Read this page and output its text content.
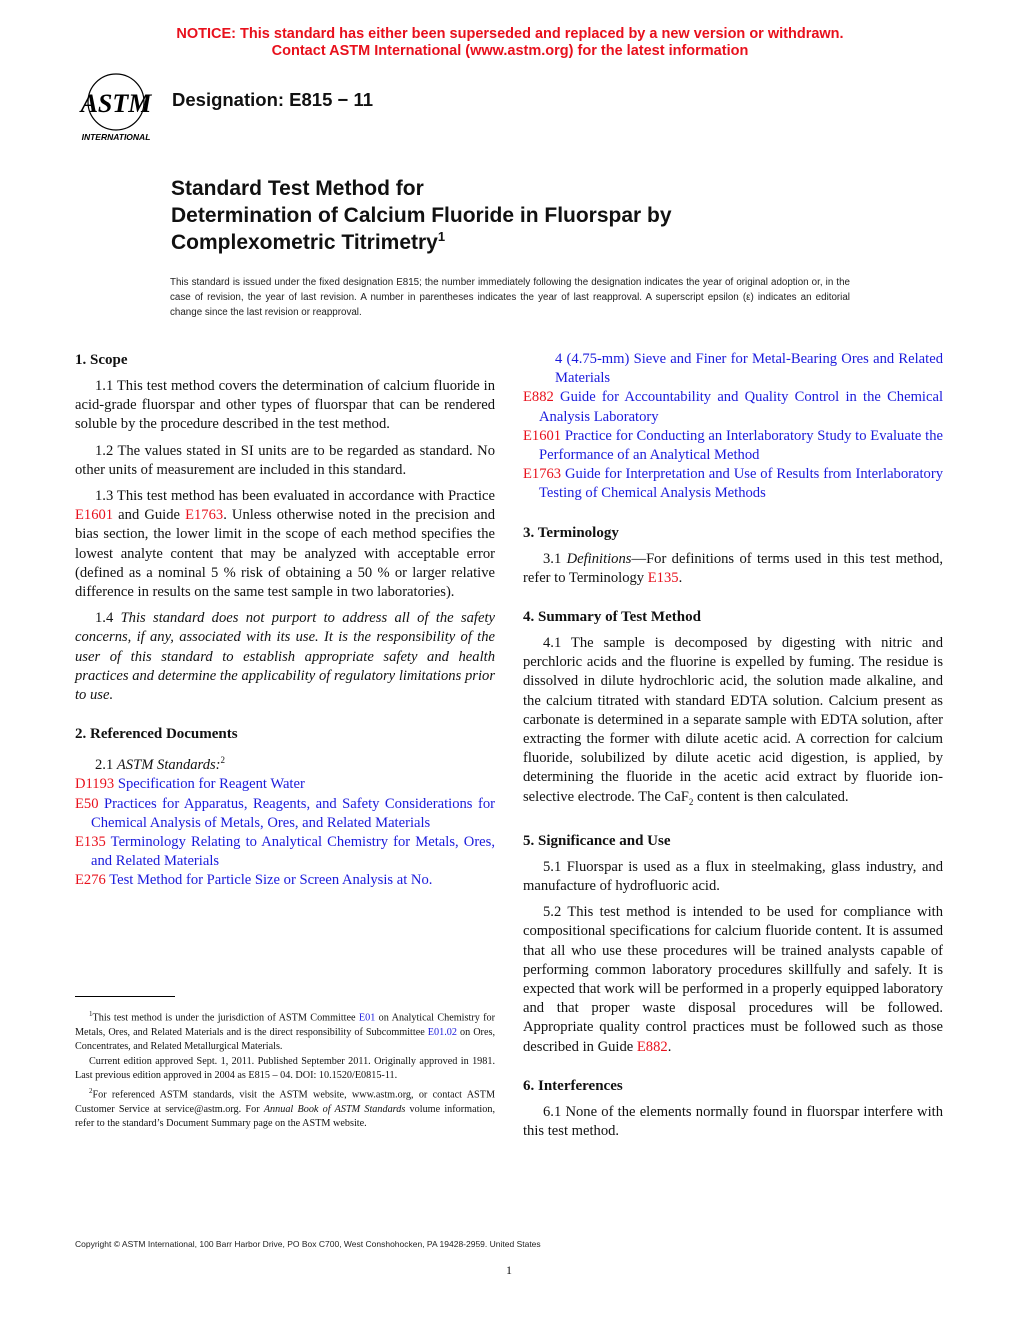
NOTICE: This standard has either been superseded and replaced by a new version or withdrawn.
Contact ASTM International (www.astm.org) for the latest information
ASTM
INTERNATIONAL
Designation: E815 − 11
Standard Test Method for
Determination of Calcium Fluoride in Fluorspar by
Complexometric Titrimetry$^1$
This standard is issued under the fixed designation E815; the number immediately following the designation indicates the year of original adoption or, in the case of revision, the year of last revision. A number in parentheses indicates the year of last reapproval. A superscript epsilon (ε) indicates an editorial change since the last revision or reapproval.
1. Scope

1.1 This test method covers the determination of calcium fluoride in acid-grade fluorspar and other types of fluorspar that can be rendered soluble by the procedure described in the test method.

1.2 The values stated in SI units are to be regarded as standard. No other units of measurement are included in this standard.

1.3 This test method has been evaluated in accordance with Practice E1601 and Guide E1763. Unless otherwise noted in the precision and bias section, the lower limit in the scope of each method specifies the lowest analyte content that may be analyzed with acceptable error (defined as a nominal 5 % risk of obtaining a 50 % or larger relative difference in results on the same test sample in two laboratories).

1.4 This standard does not purport to address all of the safety concerns, if any, associated with its use. It is the responsibility of the user of this standard to establish appropriate safety and health practices and determine the applicability of regulatory limitations prior to use.

2. Referenced Documents

2.1 ASTM Standards:$^2$

D1193 Specification for Reagent Water

E50 Practices for Apparatus, Reagents, and Safety Considerations for Chemical Analysis of Metals, Ores, and Related Materials

E135 Terminology Relating to Analytical Chemistry for Metals, Ores, and Related Materials

E276 Test Method for Particle Size or Screen Analysis at No.

$^1$This test method is under the jurisdiction of ASTM Committee E01 on Analytical Chemistry for Metals, Ores, and Related Materials and is the direct responsibility of Subcommittee E01.02 on Ores, Concentrates, and Related Metallurgical Materials.

Current edition approved Sept. 1, 2011. Published September 2011. Originally approved in 1981. Last previous edition approved in 2004 as E815 – 04. DOI: 10.1520/E0815-11.

$^2$For referenced ASTM standards, visit the ASTM website, www.astm.org, or contact ASTM Customer Service at service@astm.org. For Annual Book of ASTM Standards volume information, refer to the standard’s Document Summary page on the ASTM website.

4 (4.75-mm) Sieve and Finer for Metal-Bearing Ores and Related Materials

E882 Guide for Accountability and Quality Control in the Chemical Analysis Laboratory

E1601 Practice for Conducting an Interlaboratory Study to Evaluate the Performance of an Analytical Method

E1763 Guide for Interpretation and Use of Results from Interlaboratory Testing of Chemical Analysis Methods

3. Terminology

3.1 Definitions—For definitions of terms used in this test method, refer to Terminology E135.

4. Summary of Test Method

4.1 The sample is decomposed by digesting with nitric and perchloric acids and the fluorine is expelled by fuming. The residue is dissolved in dilute hydrochloric acid, the solution made alkaline, and the calcium titrated with standard EDTA solution. Calcium present as carbonate is determined in a separate sample with EDTA solution, after extracting the former with dilute acetic acid. A correction for calcium fluoride, solubilized by dilute acetic acid digestion, is applied, by determining the fluoride in the acetic acid extract by fluoride ion-selective electrode. The CaF$_2$ content is then calculated.

5. Significance and Use

5.1 Fluorspar is used as a flux in steelmaking, glass industry, and manufacture of hydrofluoric acid.

5.2 This test method is intended to be used for compliance with compositional specifications for calcium fluoride content. It is assumed that all who use these procedures will be trained analysts capable of performing common laboratory procedures skillfully and safely. It is expected that work will be performed in a properly equipped laboratory and that proper waste disposal procedures will be followed. Appropriate quality control practices must be followed such as those described in Guide E882.

6. Interferences

6.1 None of the elements normally found in fluorspar interfere with this test method.

Copyright © ASTM International, 100 Barr Harbor Drive, PO Box C700, West Conshohocken, PA 19428-2959. United States
1
